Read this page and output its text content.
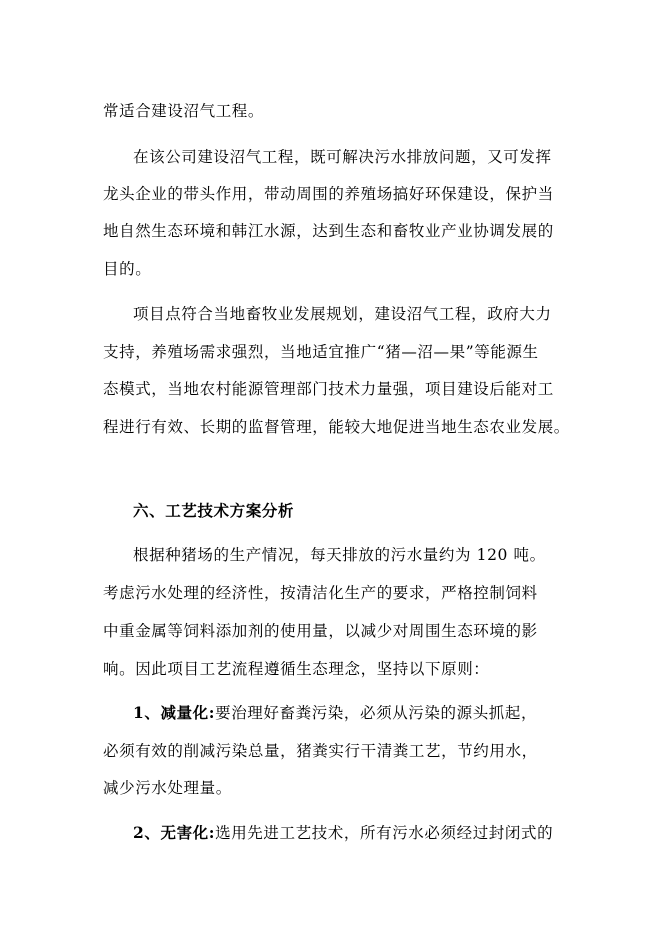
常适合建设沼气工程。
在该公司建设沼气工程，既可解决污水排放问题，又可发挥
龙头企业的带头作用，带动周围的养殖场搞好环保建设，保护当
地自然生态环境和韩江水源，达到生态和畜牧业产业协调发展的
目的。
项目点符合当地畜牧业发展规划，建设沼气工程，政府大力
支持，养殖场需求强烈，当地适宜推广“猪—沼—果”等能源生
态模式，当地农村能源管理部门技术力量强，项目建设后能对工
程进行有效、长期的监督管理，能较大地促进当地生态农业发展。
六、工艺技术方案分析
根据种猪场的生产情况，每天排放的污水量约为 120 吨。
考虑污水处理的经济性，按清洁化生产的要求，严格控制饲料
中重金属等饲料添加剂的使用量，以减少对周围生态环境的影
响。因此项目工艺流程遵循生态理念，坚持以下原则：
1、减量化:要治理好畜粪污染，必须从污染的源头抓起，
必须有效的削减污染总量，猪粪实行干清粪工艺，节约用水，
减少污水处理量。
2、无害化:选用先进工艺技术，所有污水必须经过封闭式的
